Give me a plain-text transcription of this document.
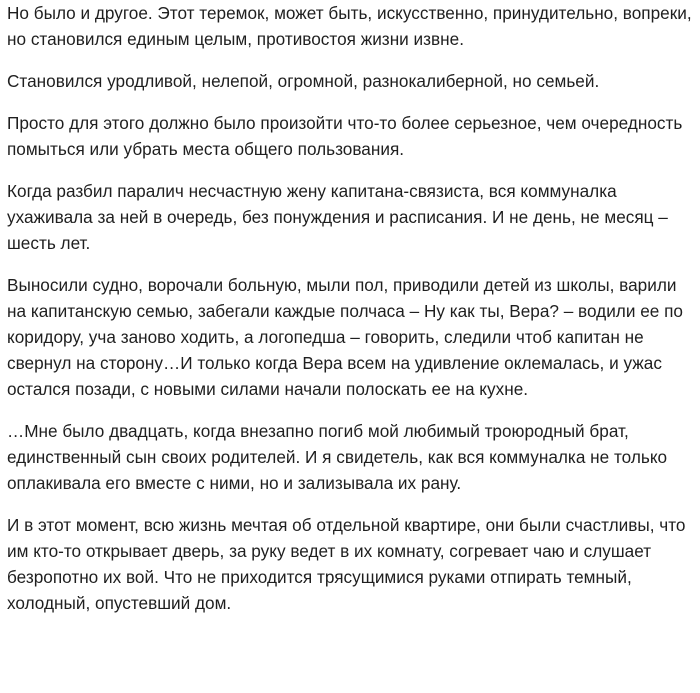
Но было и другое. Этот теремок, может быть, искусственно, принудительно, вопреки, но становился единым целым, противостоя жизни извне.

Становился уродливой, нелепой, огромной, разнокалиберной, но семьей.

Просто для этого должно было произойти что-то более серьезное, чем очередность помыться или убрать места общего пользования.

Когда разбил паралич несчастную жену капитана-связиста, вся коммуналка ухаживала за ней в очередь, без понуждения и расписания. И не день, не месяц – шесть лет.

Выносили судно, ворочали больную, мыли пол, приводили детей из школы, варили на капитанскую семью, забегали каждые полчаса – Ну как ты, Вера? – водили ее по коридору, уча заново ходить, а логопедша – говорить, следили чтоб капитан не свернул на сторону…И только когда Вера всем на удивление оклемалась, и ужас остался позади, с новыми силами начали полоскать ее на кухне.

…Мне было двадцать, когда внезапно погиб мой любимый троюродный брат, единственный сын своих родителей. И я свидетель, как вся коммуналка не только оплакивала его вместе с ними, но и зализывала их рану.

И в этот момент, всю жизнь мечтая об отдельной квартире, они были счастливы, что им кто-то открывает дверь, за руку ведет в их комнату, согревает чаю и слушает безропотно их вой. Что не приходится трясущимися руками отпирать темный, холодный, опустевший дом.
